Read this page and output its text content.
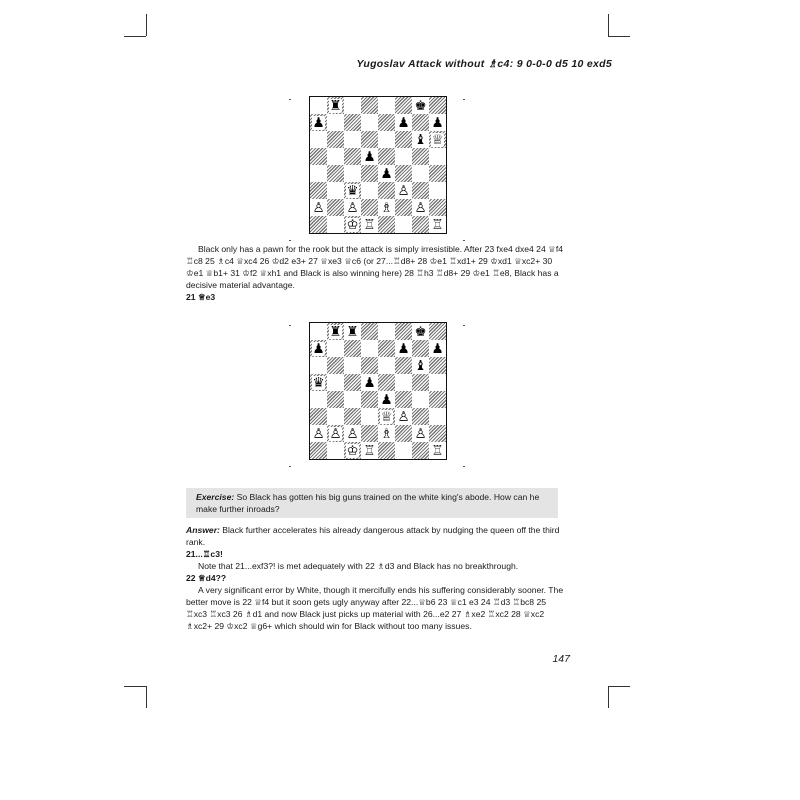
Yugoslav Attack without ♗c4: 9 0-0-0 d5 10 exd5
♜	♚
♟	♟ ♟
♝ ♕
♟
♟
♛	♙
♙ ♙ ♗ ♙
♔ ♖	♖

Black only has a pawn for the rook but the attack is simply irresistible. After 23 fxe4 dxe4 24 ♕f4 ♖c8 25 ♗c4 ♕xc4 26 ♔d2 e3+ 27 ♕xe3 ♕c6 (or 27...♖d8+ 28 ♔e1 ♖xd1+ 29 ♔xd1 ♕xc2+ 30 ♔e1 ♕b1+ 31 ♔f2 ♕xh1 and Black is also winning here) 28 ♖h3 ♖d8+ 29 ♔e1 ♖e8, Black has a decisive material advantage.

21 ♕e3

♜ ♜	♚
♟	♟ ♟
♝
♛	♟
♟
♕ ♙
♙ ♙ ♙ ♗ ♙
♔ ♖	♖
Exercise: So Black has gotten his big guns trained on the white king's abode. How can he make further inroads?

Answer: Black further accelerates his already dangerous attack by nudging the queen off the third rank.

21...♖c3!

Note that 21...exf3?! is met adequately with 22 ♗d3 and Black has no breakthrough.

22 ♕d4??

A very significant error by White, though it mercifully ends his suffering considerably sooner. The better move is 22 ♕f4 but it soon gets ugly anyway after 22...♕b6 23 ♕c1 e3 24 ♖d3 ♖bc8 25 ♖xc3 ♖xc3 26 ♗d1 and now Black just picks up material with 26...e2 27 ♗xe2 ♖xc2 28 ♕xc2 ♗xc2+ 29 ♔xc2 ♕g6+ which should win for Black without too many issues.

147
